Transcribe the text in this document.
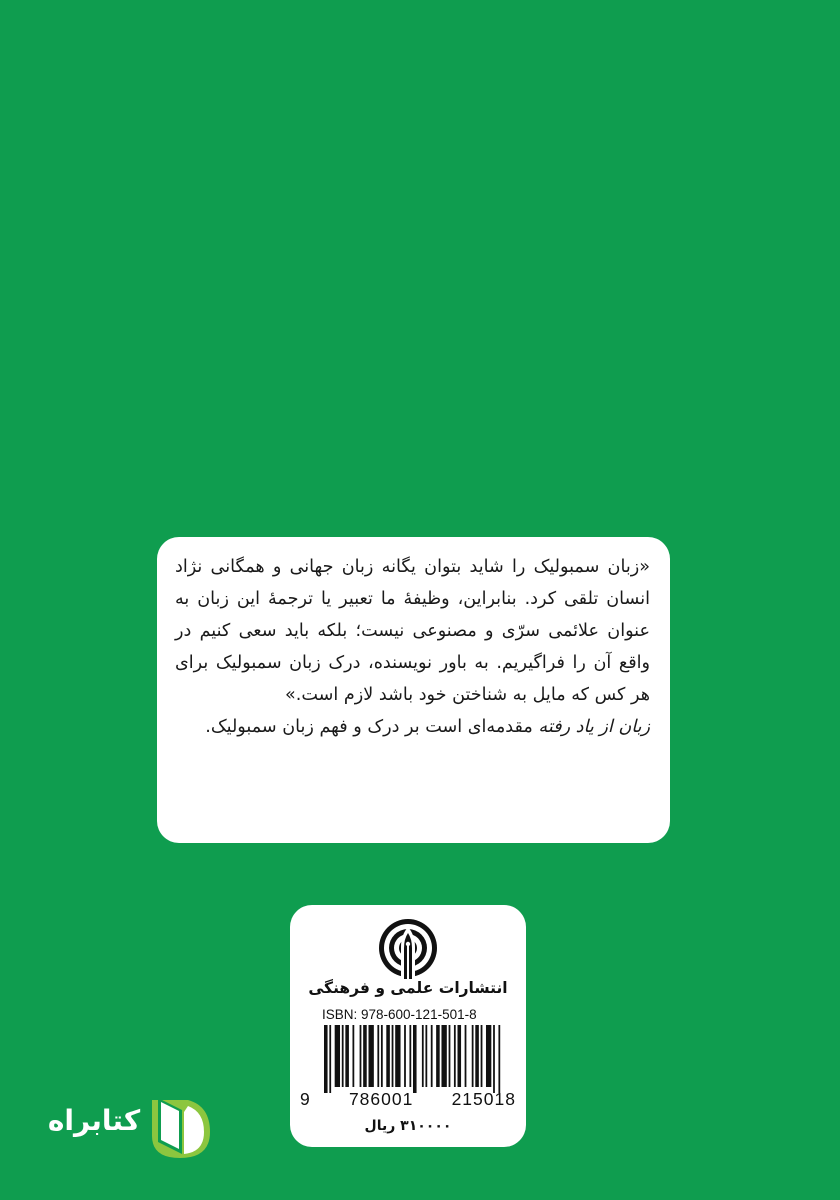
«زبان سمبولیک را شاید بتوان یگانه زبان جهانی و همگانی نژاد انسان تلقی کرد. بنابراین، وظیفهٔ ما تعبیر یا ترجمهٔ این زبان به عنوان علائمی سرّی و مصنوعی نیست؛ بلکه باید سعی کنیم در واقع آن را فراگیریم. به باور نویسنده، درک زبان سمبولیک برای هر کس که مایل به شناختن خود باشد لازم است.»

زبان از یاد رفته مقدمه‌ای است بر درک و فهم زبان سمبولیک.

انتشارات علمی و فرهنگی
ISBN: 978-600-121-501-8
9 786001 215018
۳۱۰۰۰۰ ریال
کتابراه
